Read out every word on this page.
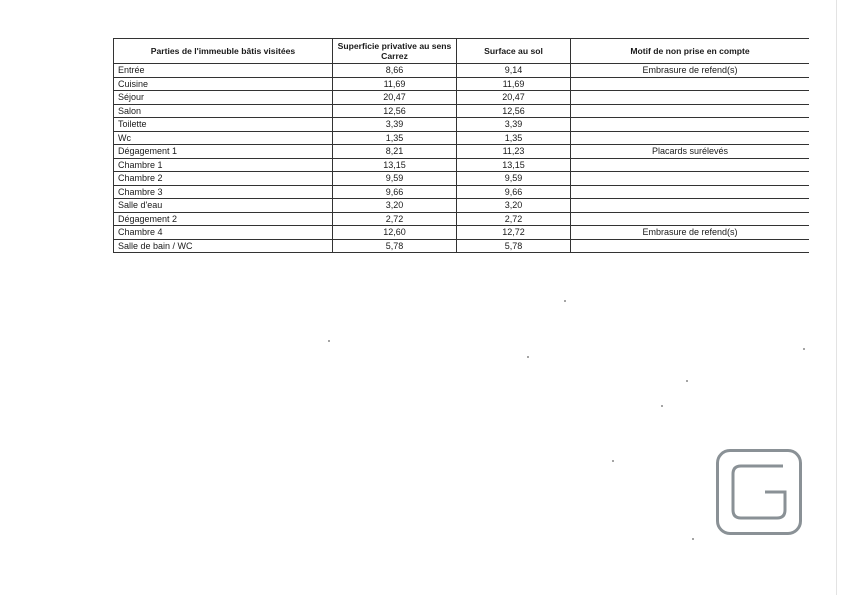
Parties de l'immeuble bâtis visitées	Superficie privative au sens Carrez	Surface au sol	Motif de non prise en compte
Entrée	8,66	9,14	Embrasure de refend(s)
Cuisine	11,69	11,69	
Séjour	20,47	20,47	
Salon	12,56	12,56	
Toilette	3,39	3,39	
Wc	1,35	1,35	
Dégagement 1	8,21	11,23	Placards surélevés
Chambre 1	13,15	13,15	
Chambre 2	9,59	9,59	
Chambre 3	9,66	9,66	
Salle d'eau	3,20	3,20	
Dégagement 2	2,72	2,72	
Chambre 4	12,60	12,72	Embrasure de refend(s)
Salle de bain / WC	5,78	5,78	
